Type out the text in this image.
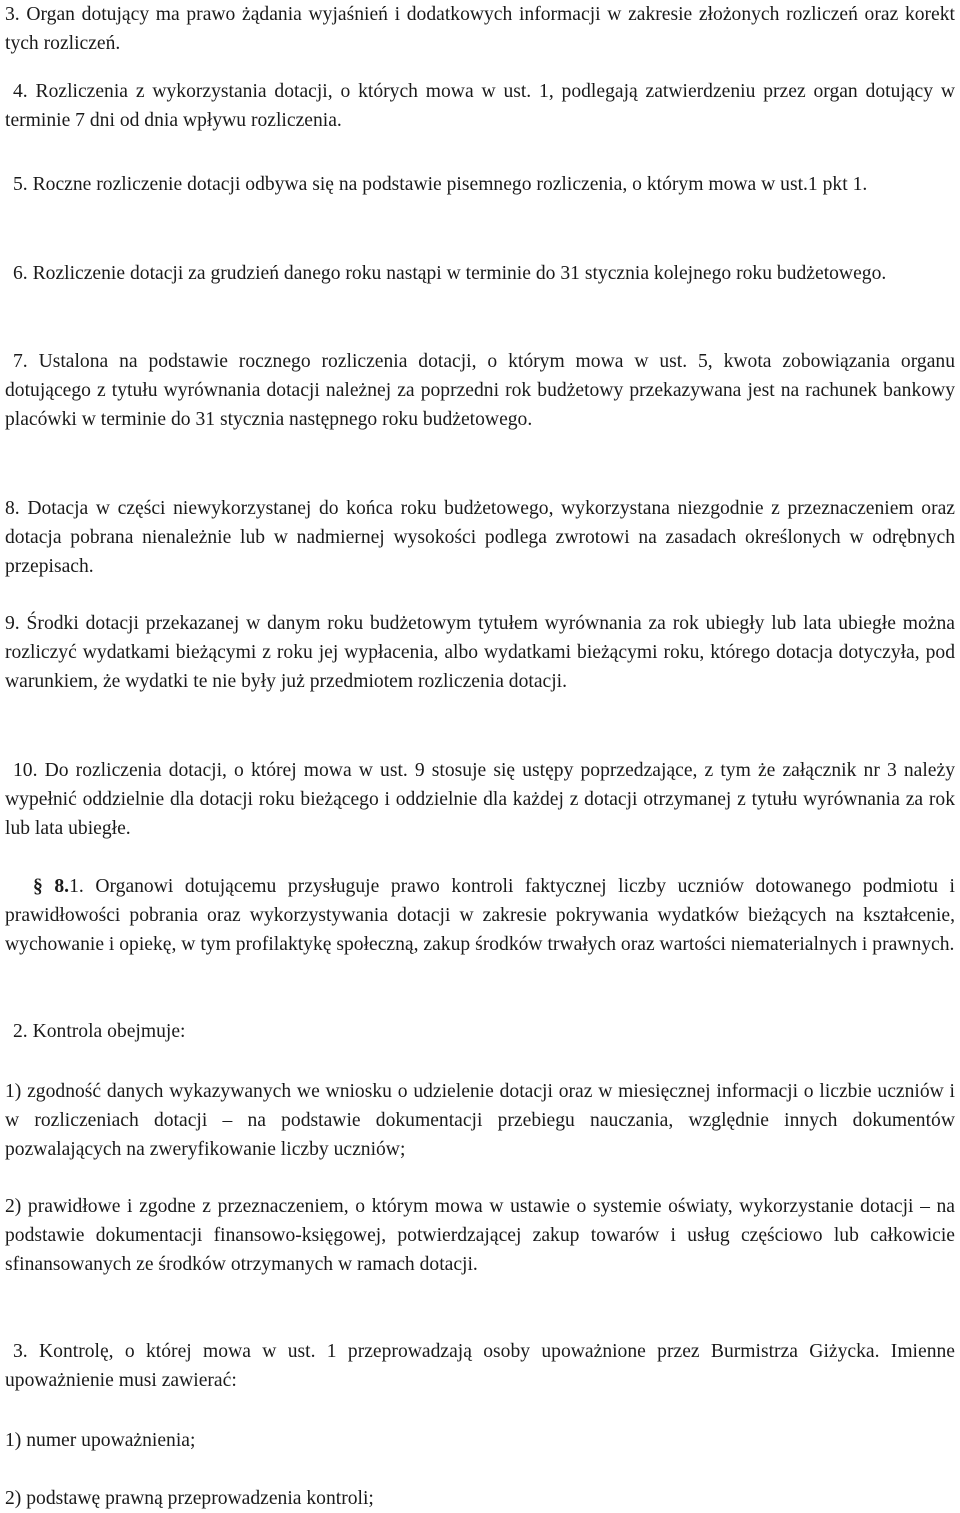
3. Organ dotujący ma prawo żądania wyjaśnień i dodatkowych informacji w zakresie złożonych rozliczeń oraz korekt tych rozliczeń.

4. Rozliczenia z wykorzystania dotacji, o których mowa w ust. 1, podlegają zatwierdzeniu przez organ dotujący w terminie 7 dni od dnia wpływu rozliczenia.

5. Roczne rozliczenie dotacji odbywa się na podstawie pisemnego rozliczenia, o którym mowa w ust.1 pkt 1.

6. Rozliczenie dotacji za grudzień danego roku nastąpi w terminie do 31 stycznia kolejnego roku budżetowego.

7. Ustalona na podstawie rocznego rozliczenia dotacji, o którym mowa w ust. 5, kwota zobowiązania organu dotującego z tytułu wyrównania dotacji należnej za poprzedni rok budżetowy przekazywana jest na rachunek bankowy placówki w terminie do 31 stycznia następnego roku budżetowego.

8. Dotacja w części niewykorzystanej do końca roku budżetowego, wykorzystana niezgodnie z przeznaczeniem oraz dotacja pobrana nienależnie lub w nadmiernej wysokości podlega zwrotowi na zasadach określonych w odrębnych przepisach.

9. Środki dotacji przekazanej w danym roku budżetowym tytułem wyrównania za rok ubiegły lub lata ubiegłe można rozliczyć wydatkami bieżącymi z roku jej wypłacenia, albo wydatkami bieżącymi roku, którego dotacja dotyczyła, pod warunkiem, że wydatki te nie były już przedmiotem rozliczenia dotacji.

10. Do rozliczenia dotacji, o której mowa w ust. 9 stosuje się ustępy poprzedzające, z tym że załącznik nr 3 należy wypełnić oddzielnie dla dotacji roku bieżącego i oddzielnie dla każdej z dotacji otrzymanej z tytułu wyrównania za rok lub lata ubiegłe.

§ 8.1. Organowi dotującemu przysługuje prawo kontroli faktycznej liczby uczniów dotowanego podmiotu i prawidłowości pobrania oraz wykorzystywania dotacji w zakresie pokrywania wydatków bieżących na kształcenie, wychowanie i opiekę, w tym profilaktykę społeczną, zakup środków trwałych oraz wartości niematerialnych i prawnych.

2. Kontrola obejmuje:

1) zgodność danych wykazywanych we wniosku o udzielenie dotacji oraz w miesięcznej informacji o liczbie uczniów i w rozliczeniach dotacji – na podstawie dokumentacji przebiegu nauczania, względnie innych dokumentów pozwalających na zweryfikowanie liczby uczniów;

2) prawidłowe i zgodne z przeznaczeniem, o którym mowa w ustawie o systemie oświaty, wykorzystanie dotacji – na podstawie dokumentacji finansowo-księgowej, potwierdzającej zakup towarów i usług częściowo lub całkowicie sfinansowanych ze środków otrzymanych w ramach dotacji.

3. Kontrolę, o której mowa w ust. 1 przeprowadzają osoby upoważnione przez Burmistrza Giżycka. Imienne upoważnienie musi zawierać:

1) numer upoważnienia;

2) podstawę prawną przeprowadzenia kontroli;
